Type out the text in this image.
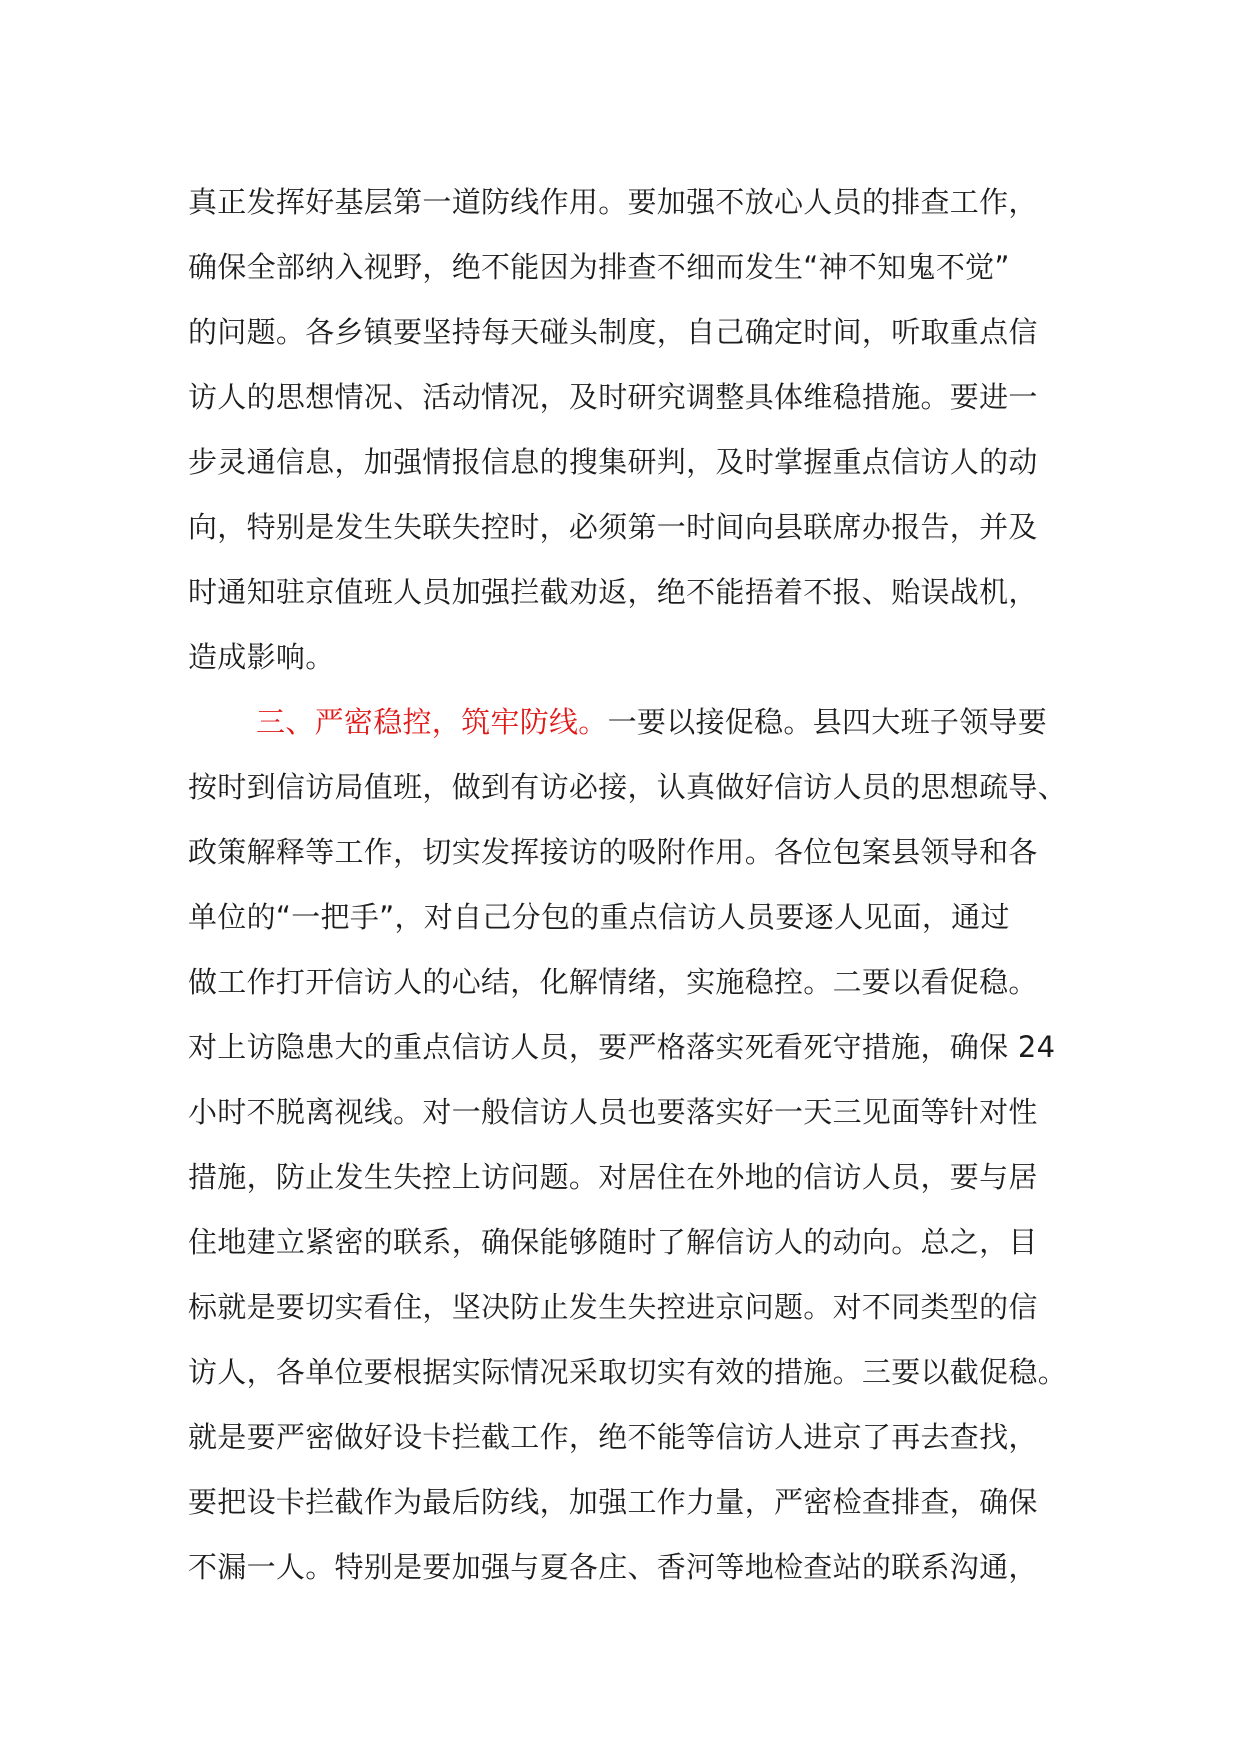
真正发挥好基层第一道防线作用。要加强不放心人员的排查工作，
确保全部纳入视野，绝不能因为排查不细而发生“神不知鬼不觉”
的问题。各乡镇要坚持每天碰头制度，自己确定时间，听取重点信
访人的思想情况、活动情况，及时研究调整具体维稳措施。要进一
步灵通信息，加强情报信息的搜集研判，及时掌握重点信访人的动
向，特别是发生失联失控时，必须第一时间向县联席办报告，并及
时通知驻京值班人员加强拦截劝返，绝不能捂着不报、贻误战机，
造成影响。
三、严密稳控，筑牢防线。一要以接促稳。县四大班子领导要
按时到信访局值班，做到有访必接，认真做好信访人员的思想疏导、
政策解释等工作，切实发挥接访的吸附作用。各位包案县领导和各
单位的“一把手”，对自己分包的重点信访人员要逐人见面，通过
做工作打开信访人的心结，化解情绪，实施稳控。二要以看促稳。
对上访隐患大的重点信访人员，要严格落实死看死守措施，确保 24
小时不脱离视线。对一般信访人员也要落实好一天三见面等针对性
措施，防止发生失控上访问题。对居住在外地的信访人员，要与居
住地建立紧密的联系，确保能够随时了解信访人的动向。总之，目
标就是要切实看住，坚决防止发生失控进京问题。对不同类型的信
访人，各单位要根据实际情况采取切实有效的措施。三要以截促稳。
就是要严密做好设卡拦截工作，绝不能等信访人进京了再去查找，
要把设卡拦截作为最后防线，加强工作力量，严密检查排查，确保
不漏一人。特别是要加强与夏各庄、香河等地检查站的联系沟通，
